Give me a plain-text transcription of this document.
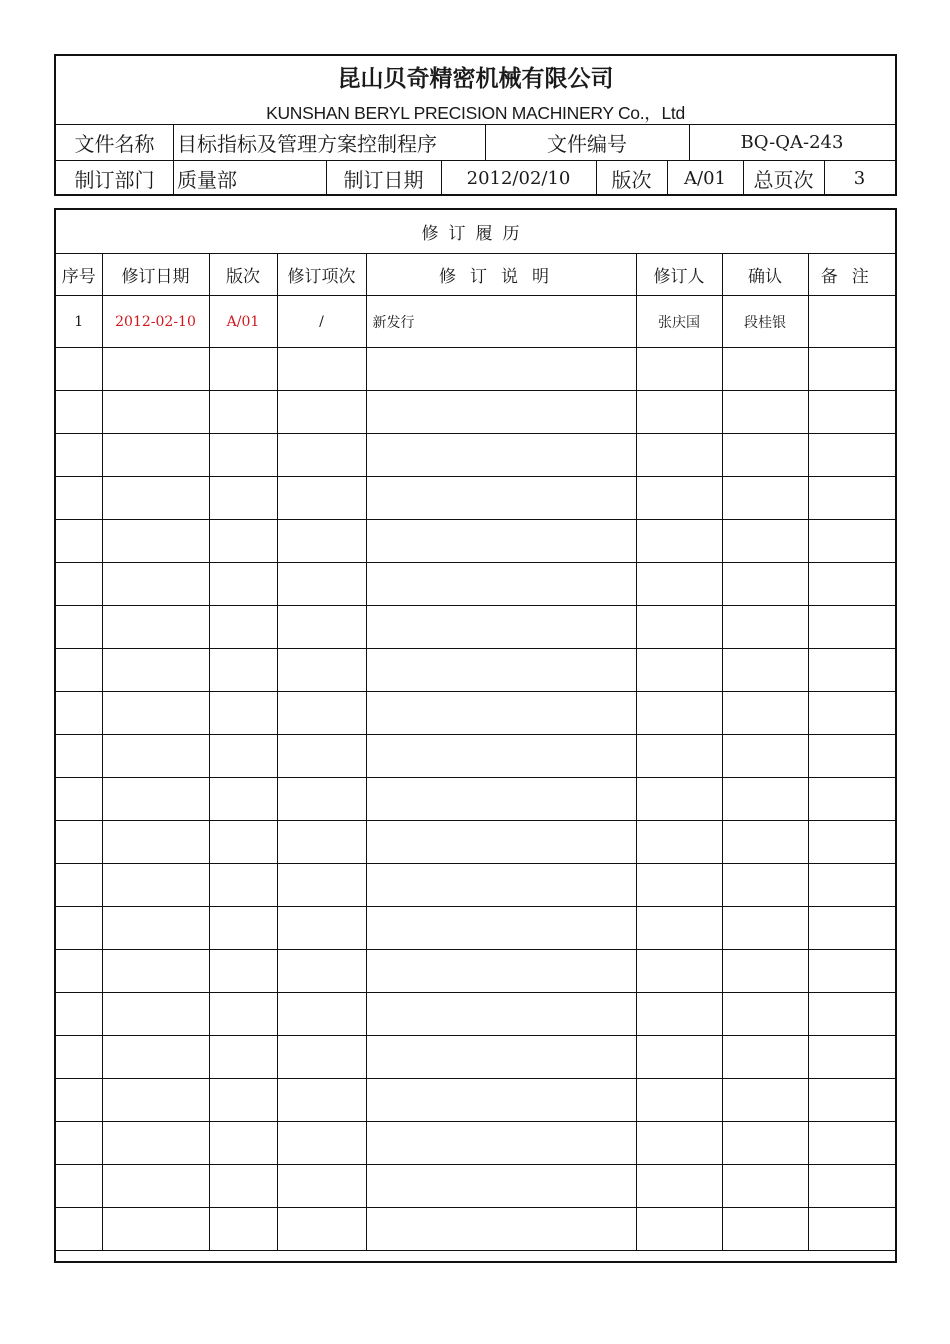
昆山贝奇精密机械有限公司
KUNSHAN BERYL PRECISION MACHINERY Co.，Ltd
文件名称	目标指标及管理方案控制程序	文件编号	BQ-QA-243
制订部门	质量部	制订日期	2012/02/10	版次	A/01	总页次	3
修订履历
序号	修订日期	版次	修订项次	修订说明	修订人	确认	备注
1	2012-02-10	A/01	/	新发行	张庆国	段桂银	
